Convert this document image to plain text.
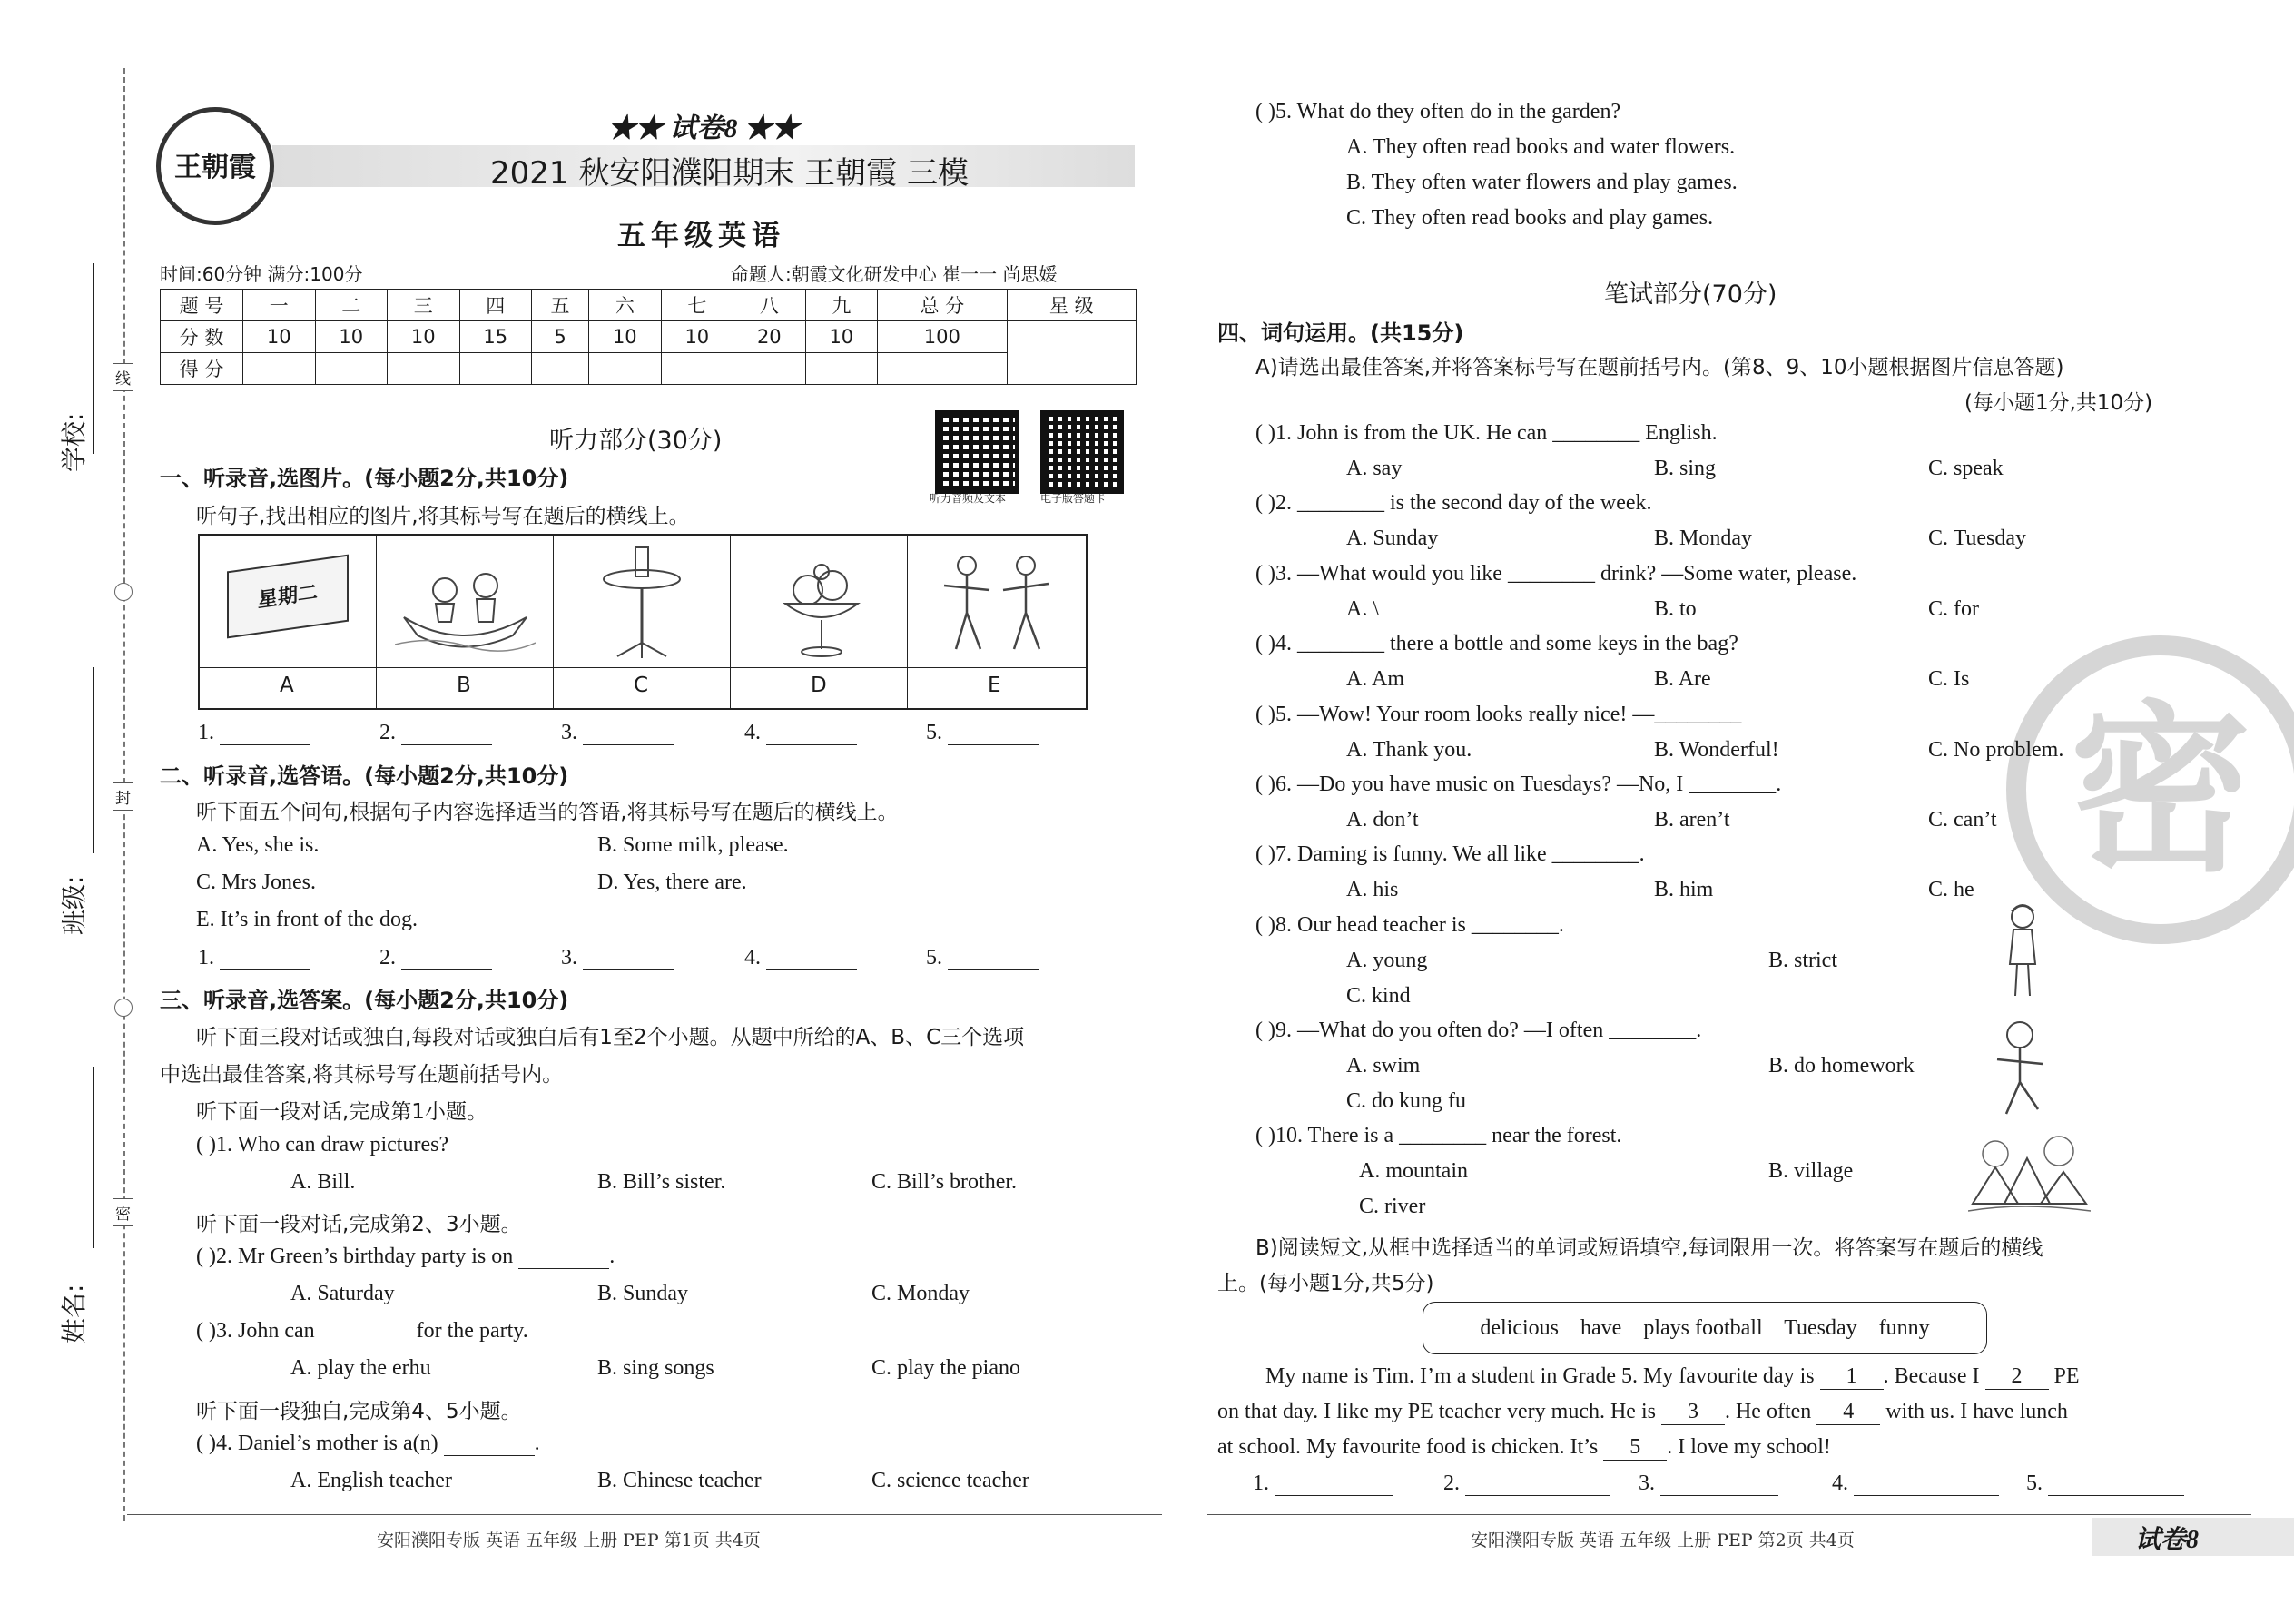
学校:
班级:
姓名:
线
封
密
王朝霞
★★ 试卷8 ★★
2021 秋安阳濮阳期末 王朝霞 三模
五年级英语
时间:60分钟 满分:100分	命题人:朝霞文化研发中心 崔一一 尚思媛
题 号	一	二	三	四	五	六	七	八	九	总 分	星 级
分 数	10	10	10	15	5	10	10	20	10	100	
得 分											
听力部分(30分)
听力音频及文本	电子版答题卡
一、听录音,选图片。(每小题2分,共10分)
听句子,找出相应的图片,将其标号写在题后的横线上。
星期二
A	B	C	D	E
1.	2.	3.	4.	5.
二、听录音,选答语。(每小题2分,共10分)
听下面五个问句,根据句子内容选择适当的答语,将其标号写在题后的横线上。
A. Yes, she is.	B. Some milk, please.
C. Mrs Jones.	D. Yes, there are.
E. It’s in front of the dog.
1.	2.	3.	4.	5.
三、听录音,选答案。(每小题2分,共10分)
听下面三段对话或独白,每段对话或独白后有1至2个小题。从题中所给的A、B、C三个选项
中选出最佳答案,将其标号写在题前括号内。
听下面一段对话,完成第1小题。
( )1. Who can draw pictures?
A. Bill.	B. Bill’s sister.	C. Bill’s brother.
听下面一段对话,完成第2、3小题。
( )2. Mr Green’s birthday party is on	.
A. Saturday	B. Sunday	C. Monday
( )3. John can	for the party.
A. play the erhu	B. sing songs	C. play the piano
听下面一段独白,完成第4、5小题。
( )4. Daniel’s mother is a(n)	.
A. English teacher	B. Chinese teacher	C. science teacher
安阳濮阳专版 英语 五年级 上册 PEP 第1页 共4页
密
( )5. What do they often do in the garden?
A. They often read books and water flowers.
B. They often water flowers and play games.
C. They often read books and play games.
笔试部分(70分)
四、词句运用。(共15分)
A)请选出最佳答案,并将答案标号写在题前括号内。(第8、9、10小题根据图片信息答题)
(每小题1分,共10分)
( )1. John is from the UK. He can ________ English.
A. say	B. sing	C. speak
( )2. ________ is the second day of the week.
A. Sunday	B. Monday	C. Tuesday
( )3. —What would you like ________ drink? —Some water, please.
A. \	B. to	C. for
( )4. ________ there a bottle and some keys in the bag?
A. Am	B. Are	C. Is
( )5. —Wow! Your room looks really nice! —________
A. Thank you.	B. Wonderful!	C. No problem.
( )6. —Do you have music on Tuesdays? —No, I ________.
A. don’t	B. aren’t	C. can’t
( )7. Daming is funny. We all like ________.
A. his	B. him	C. he
( )8. Our head teacher is ________.
A. young	B. strict
C. kind
( )9. —What do you often do? —I often ________.
A. swim	B. do homework
C. do kung fu
( )10. There is a ________ near the forest.
A. mountain	B. village
C. river
B)阅读短文,从框中选择适当的单词或短语填空,每词限用一次。将答案写在题后的横线
上。(每小题1分,共5分)
delicious    have    plays football    Tuesday    funny
My name is Tim. I’m a student in Grade 5. My favourite day is 1 . Because I 2 PE
on that day. I like my PE teacher very much. He is 3 . He often 4 with us. I have lunch
at school. My favourite food is chicken. It’s 5 . I love my school!
1.	2.	3.	4.	5.
安阳濮阳专版 英语 五年级 上册 PEP 第2页 共4页	试卷8
